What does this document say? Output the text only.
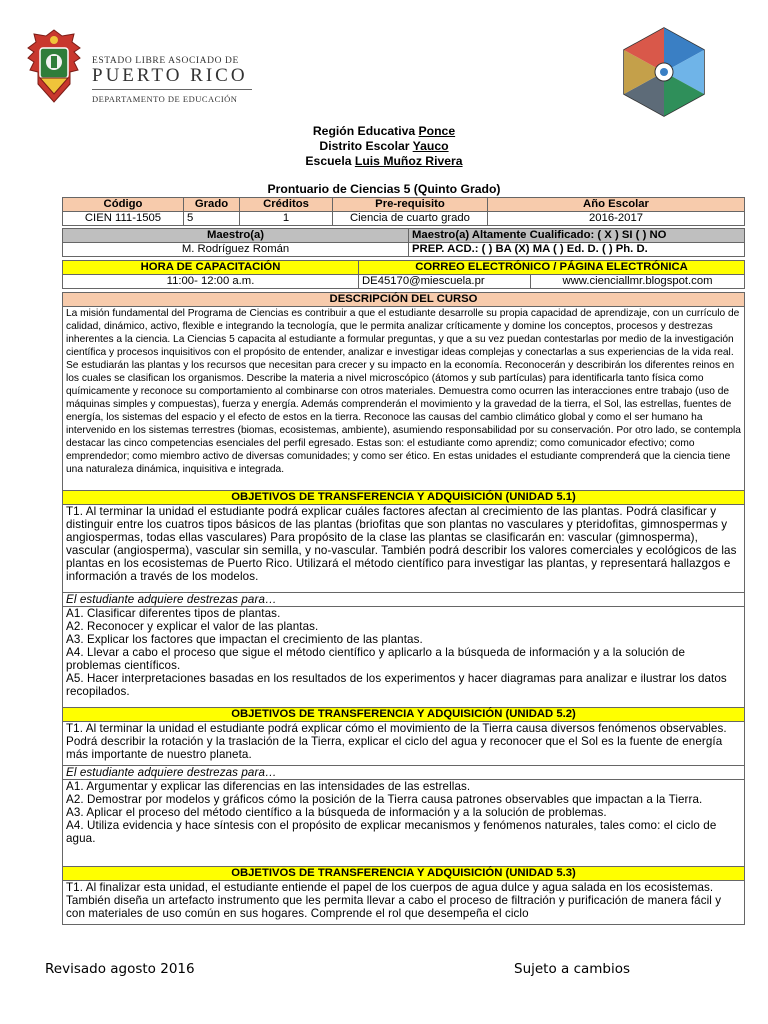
ESTADO LIBRE ASOCIADO DE
PUERTO RICO
DEPARTAMENTO DE EDUCACIÓN
Región Educativa Ponce
Distrito Escolar Yauco
Escuela Luis Muñoz Rivera
Prontuario de Ciencias 5 (Quinto Grado)
Código	Grado	Créditos	Pre-requisito	Año Escolar
CIEN 111-1505	5	1	Ciencia de cuarto grado	2016-2017
Maestro(a)	Maestro(a) Altamente Cualificado: ( X ) SI ( ) NO
M. Rodríguez Román	PREP. ACD.: ( ) BA (X) MA ( ) Ed. D. ( ) Ph. D.
HORA DE CAPACITACIÓN	CORREO ELECTRÓNICO / PÁGINA ELECTRÓNICA	
11:00- 12:00 a.m.	DE45170@miescuela.pr	www.cienciallmr.blogspot.com
DESCRIPCIÓN DEL CURSO
La misión fundamental del Programa de Ciencias es contribuir a que el estudiante desarrolle su propia capacidad de aprendizaje, con un currículo de calidad, dinámico, activo, flexible e integrando la tecnología, que le permita analizar críticamente y domine los conceptos, procesos y destrezas inherentes a la ciencia. La Ciencias 5 capacita al estudiante a formular preguntas, y que a su vez puedan contestarlas por medio de la investigación científica y procesos inquisitivos con el propósito de entender, analizar e investigar ideas complejas y conectarlas a sus experiencias de la vida real. Se estudiarán las plantas y los recursos que necesitan para crecer y su impacto en la economía. Reconocerán y describirán los diferentes reinos en los cuales se clasifican los organismos. Describe la materia a nivel microscópico (átomos y sub partículas) para identificarla tanto física como químicamente y reconoce su comportamiento al combinarse con otros materiales. Demuestra como ocurren las interacciones entre trabajo (uso de máquinas simples y compuestas), fuerza y energía. Además comprenderán el movimiento y la gravedad de la tierra, el Sol, las estrellas, fuentes de energía, los sistemas del espacio y el efecto de estos en la tierra. Reconoce las causas del cambio climático global y como el ser humano ha intervenido en los sistemas terrestres (biomas, ecosistemas, ambiente), asumiendo responsabilidad por su conservación. Por otro lado, se contempla destacar las cinco competencias esenciales del perfil egresado. Estas son: el estudiante como aprendiz; como comunicador efectivo; como emprendedor; como miembro activo de diversas comunidades; y como ser ético. En estas unidades el estudiante comprenderá que la ciencia tiene una naturaleza dinámica, inquisitiva e integrada.
OBJETIVOS DE TRANSFERENCIA Y ADQUISICIÓN (UNIDAD 5.1)
T1. Al terminar la unidad el estudiante podrá explicar cuáles factores afectan al crecimiento de las plantas. Podrá clasificar y distinguir entre los cuatros tipos básicos de las plantas (briofitas que son plantas no vasculares y pteridofitas, gimnospermas y angiospermas, todas ellas vasculares) Para propósito de la clase las plantas se clasificarán en: vascular (gimnosperma), vascular (angiosperma), vascular sin semilla, y no-vascular. También podrá describir los valores comerciales y ecológicos de las plantas en los ecosistemas de Puerto Rico. Utilizará el método científico para investigar las plantas, y representará hallazgos e información a través de los modelos.
El estudiante adquiere destrezas para…

A1. Clasificar diferentes tipos de plantas.
A2. Reconocer y explicar el valor de las plantas.
A3. Explicar los factores que impactan el crecimiento de las plantas.
A4. Llevar a cabo el proceso que sigue el método científico y aplicarlo a la búsqueda de información y a la solución de problemas científicos.
A5. Hacer interpretaciones basadas en los resultados de los experimentos y hacer diagramas para analizar e ilustrar los datos recopilados.

OBJETIVOS DE TRANSFERENCIA Y ADQUISICIÓN (UNIDAD 5.2)
T1. Al terminar la unidad el estudiante podrá explicar cómo el movimiento de la Tierra causa diversos fenómenos observables. Podrá describir la rotación y la traslación de la Tierra, explicar el ciclo del agua y reconocer que el Sol es la fuente de energía más importante de nuestro planeta.
El estudiante adquiere destrezas para…

A1. Argumentar y explicar las diferencias en las intensidades de las estrellas.
A2. Demostrar por modelos y gráficos cómo la posición de la Tierra causa patrones observables que impactan a la Tierra.
A3. Aplicar el proceso del método científico a la búsqueda de información y a la solución de problemas.
A4. Utiliza evidencia y hace síntesis con el propósito de explicar mecanismos y fenómenos naturales, tales como: el ciclo de agua.

OBJETIVOS DE TRANSFERENCIA Y ADQUISICIÓN (UNIDAD 5.3)
T1. Al finalizar esta unidad, el estudiante entiende el papel de los cuerpos de agua dulce y agua salada en los ecosistemas. También diseña un artefacto instrumento que les permita llevar a cabo el proceso de filtración y purificación de manera fácil y con materiales de uso común en sus hogares. Comprende el rol que desempeña el ciclo
Revisado agosto 2016	Sujeto a cambios
